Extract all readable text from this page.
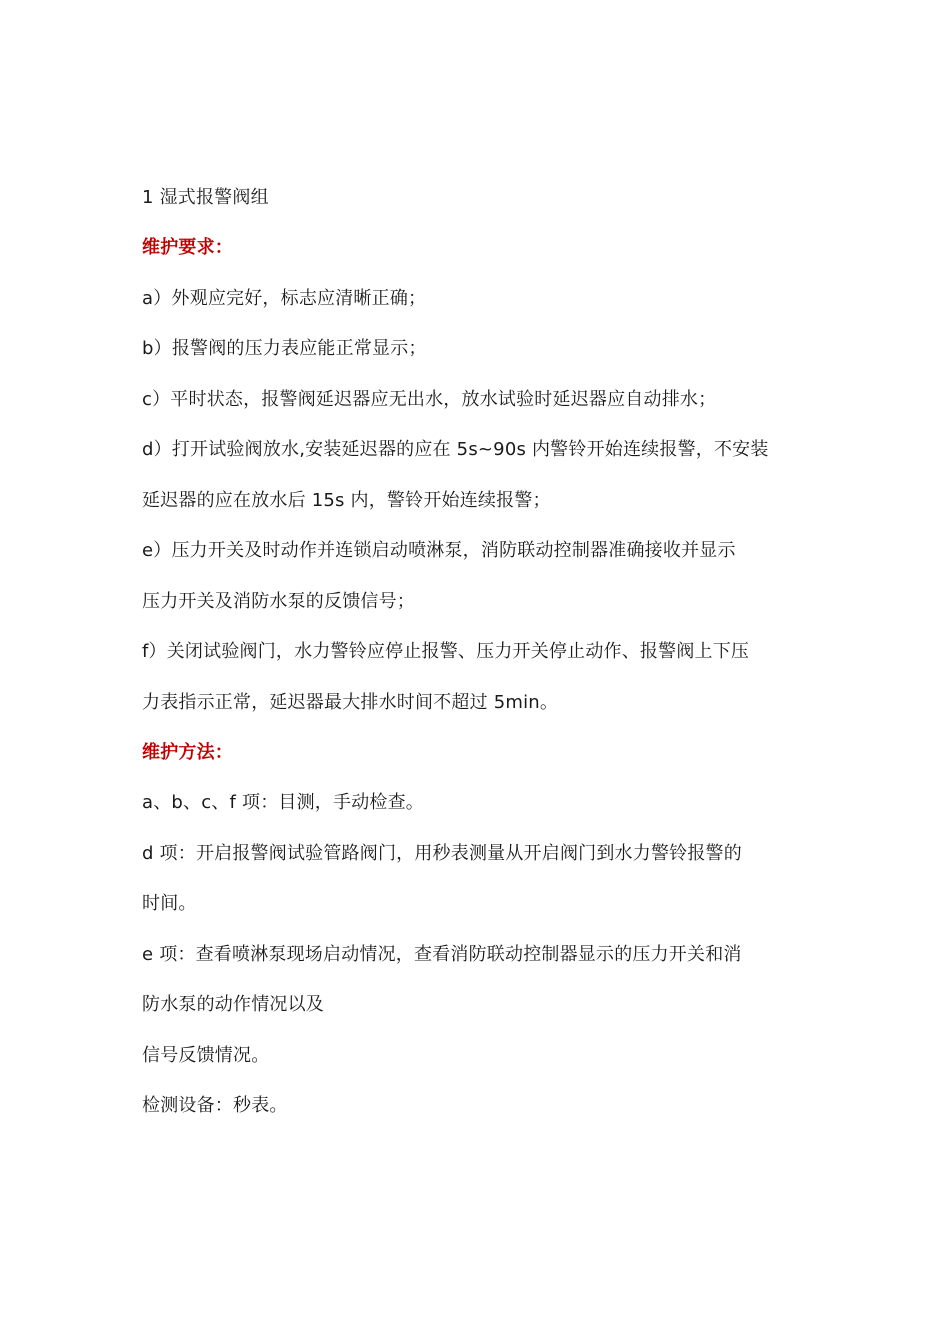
1 湿式报警阀组
维护要求：
a）外观应完好，标志应清晰正确；
b）报警阀的压力表应能正常显示；
c）平时状态，报警阀延迟器应无出水，放水试验时延迟器应自动排水；
d）打开试验阀放水,安装延迟器的应在 5s~90s 内警铃开始连续报警，不安装
延迟器的应在放水后 15s 内，警铃开始连续报警；
e）压力开关及时动作并连锁启动喷淋泵，消防联动控制器准确接收并显示
压力开关及消防水泵的反馈信号；
f）关闭试验阀门，水力警铃应停止报警、压力开关停止动作、报警阀上下压
力表指示正常，延迟器最大排水时间不超过 5min。
维护方法：
a、b、c、f 项：目测，手动检查。
d 项：开启报警阀试验管路阀门，用秒表测量从开启阀门到水力警铃报警的
时间。
e 项：查看喷淋泵现场启动情况，查看消防联动控制器显示的压力开关和消
防水泵的动作情况以及
信号反馈情况。
检测设备：秒表。
